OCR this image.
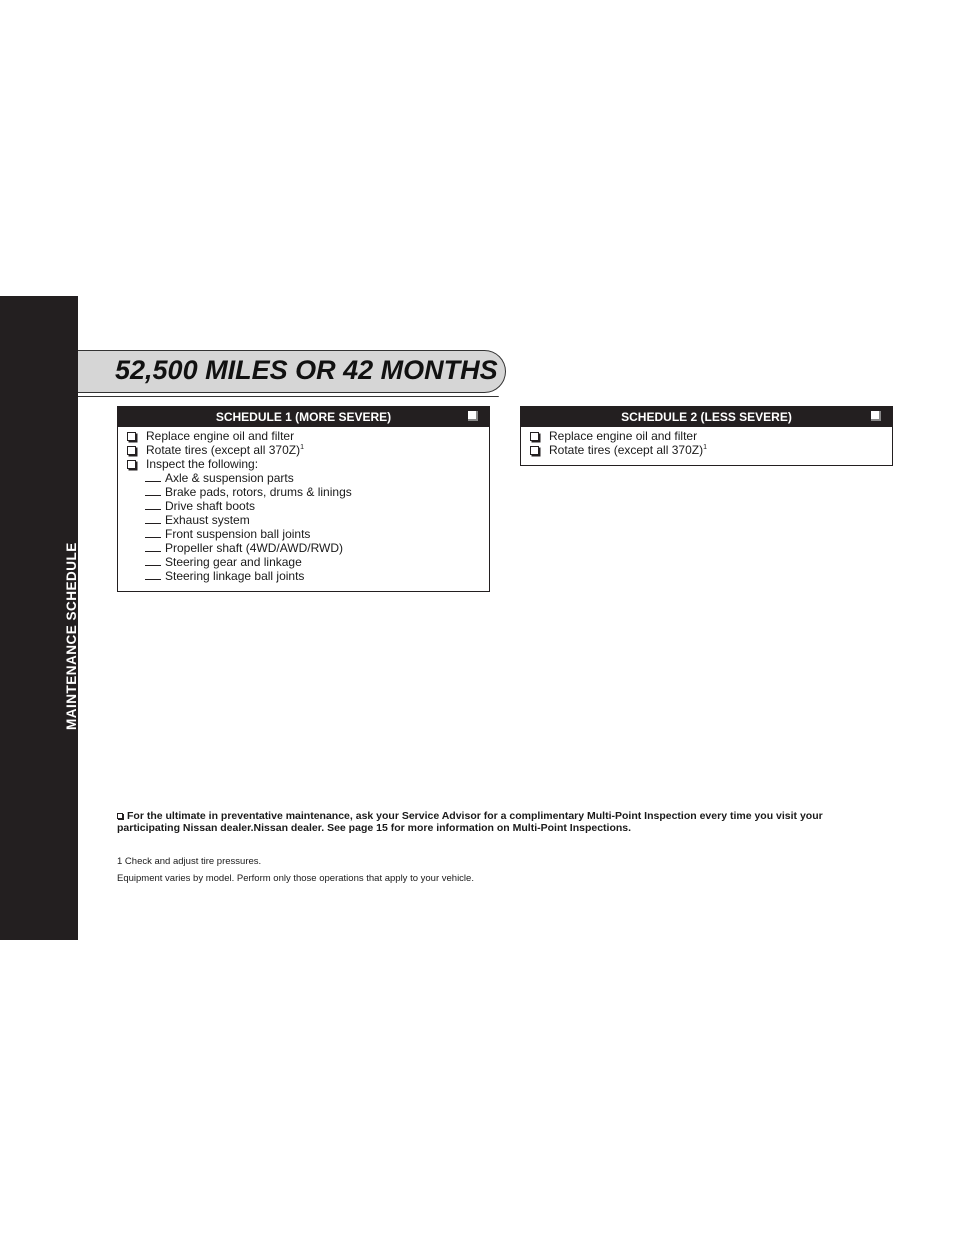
34
MAINTENANCE SCHEDULE
52,500 MILES OR 42 MONTHS
SCHEDULE 1 (MORE SEVERE)
Replace engine oil and filter
Rotate tires (except all 370Z)$^1$
Inspect the following:
Axle & suspension parts
Brake pads, rotors, drums & linings
Drive shaft boots
Exhaust system
Front suspension ball joints
Propeller shaft (4WD/AWD/RWD)
Steering gear and linkage
Steering linkage ball joints
SCHEDULE 2 (LESS SEVERE)
Replace engine oil and filter
Rotate tires (except all 370Z)$^1$
For the ultimate in preventative maintenance, ask your Service Advisor for a complimentary Multi-Point Inspection every time you visit your participating Nissan dealer.Nissan dealer. See page 15 for more information on Multi-Point Inspections.
1 Check and adjust tire pressures.
Equipment varies by model. Perform only those operations that apply to your vehicle.
